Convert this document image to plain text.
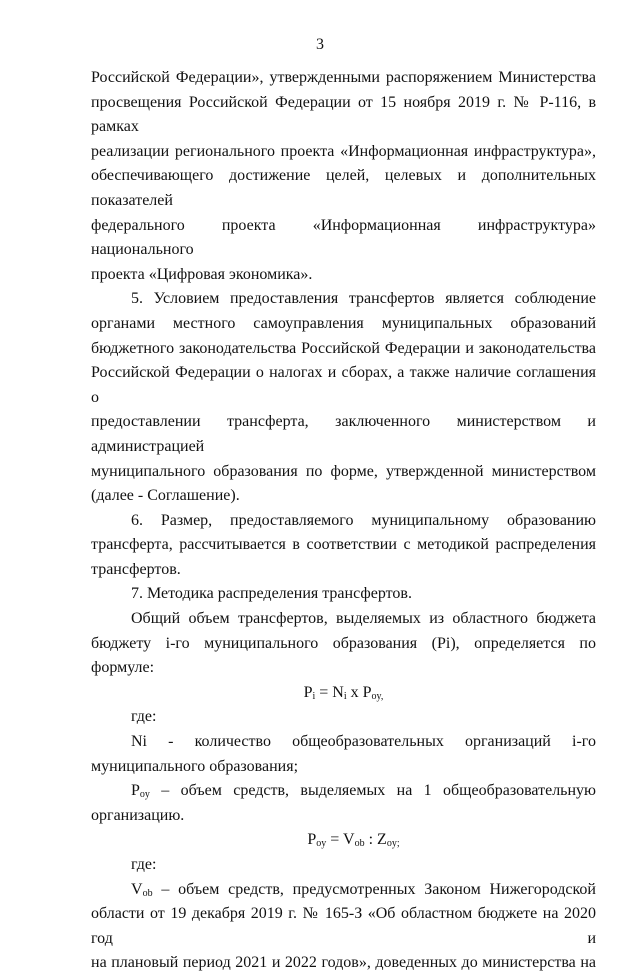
3

Российской Федерации», утвержденными распоряжением Министерства

просвещения Российской Федерации от 15 ноября 2019 г. № Р-116, в рамках

реализации регионального проекта «Информационная инфраструктура»,

обеспечивающего достижение целей, целевых и дополнительных показателей

федерального проекта «Информационная инфраструктура» национального

проекта «Цифровая экономика».

5. Условием предоставления трансфертов является соблюдение

органами местного самоуправления муниципальных образований

бюджетного законодательства Российской Федерации и законодательства

Российской Федерации о налогах и сборах, а также наличие соглашения о

предоставлении трансферта, заключенного министерством и администрацией

муниципального образования по форме, утвержденной министерством

(далее - Соглашение).

6. Размер, предоставляемого муниципальному образованию

трансферта, рассчитывается в соответствии с методикой распределения

трансфертов.

7. Методика распределения трансфертов.

Общий объем трансфертов, выделяемых из областного бюджета

бюджету i-го муниципального образования (Pi), определяется по формуле:

$P_i = N_i$ x $P_{oy,}$

где:

Ni - количество общеобразовательных организаций i-го

муниципального образования;

$P_{oy}$ – объем средств, выделяемых на 1 общеобразовательную

организацию.

$P_{oy} = V_{ob}$ : $Z_{oy;}$

где:

$V_{ob}$ – объем средств, предусмотренных Законом Нижегородской

области от 19 декабря 2019 г. № 165-З «Об областном бюджете на 2020 год и

на плановый период 2021 и 2022 годов», доведенных до министерства на
